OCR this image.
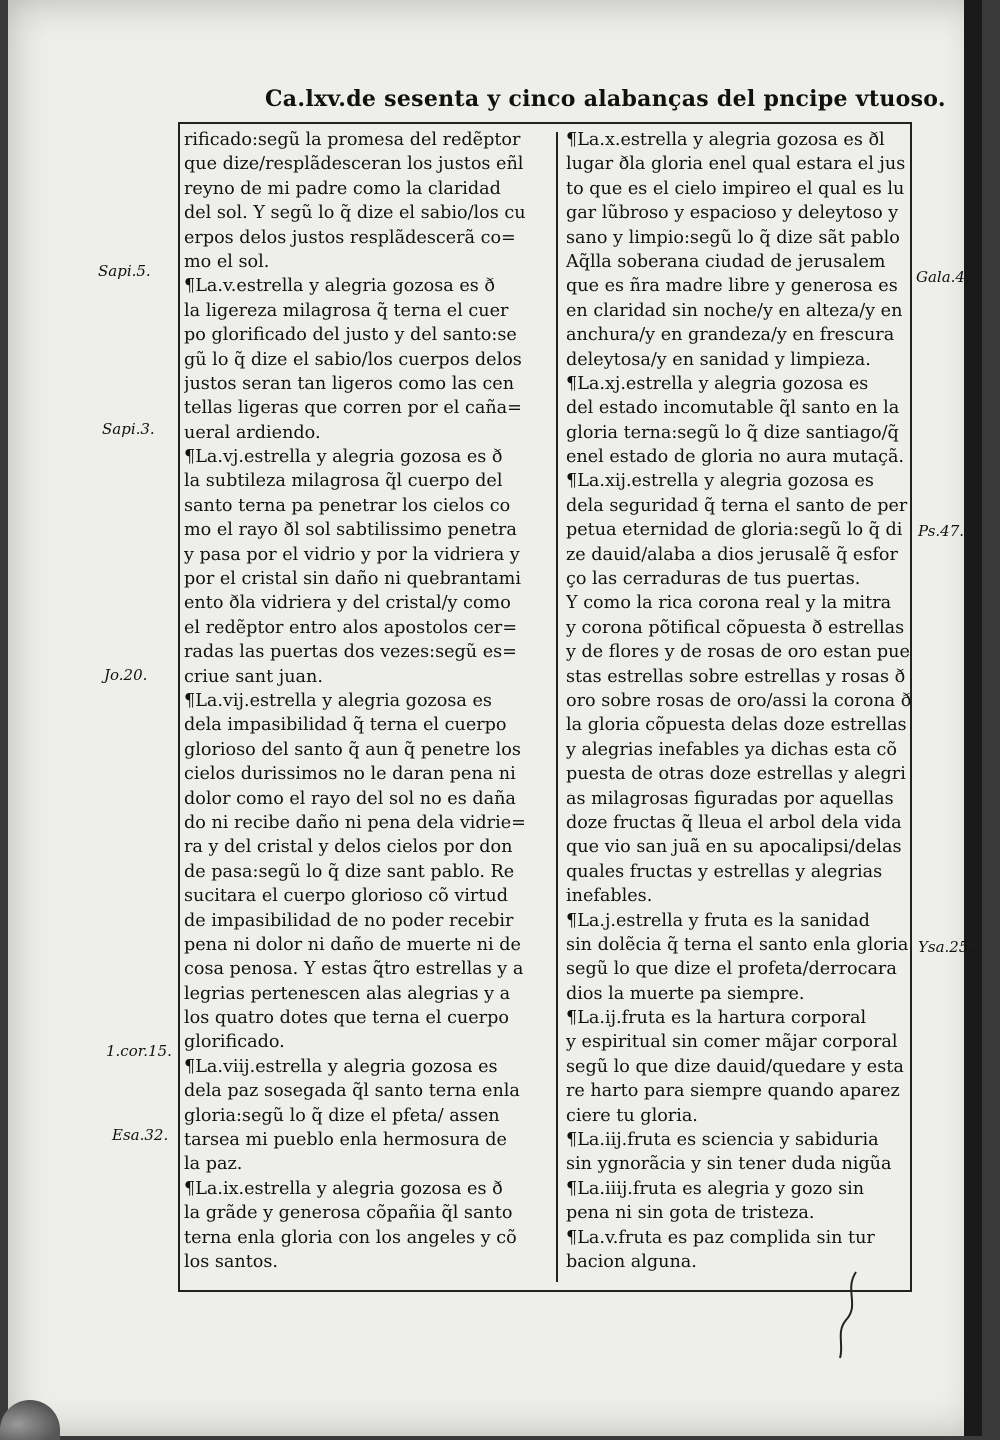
Ca.lxv.de sesenta y cinco alabanças del pncipe vtuoso.
rificado:segũ la promesa del redẽptor
que dize/resplãdesceran los justos eñl
reyno de mi padre como la claridad
del sol. Y segũ lo q̃ dize el sabio/los cu
erpos delos justos resplãdescerã co=
mo el sol.
¶La.v.estrella y alegria gozosa es ð
la ligereza milagrosa q̃ terna el cuer
po glorificado del justo y del santo:se
gũ lo q̃ dize el sabio/los cuerpos delos
justos seran tan ligeros como las cen
tellas ligeras que corren por el caña=
ueral ardiendo.
¶La.vj.estrella y alegria gozosa es ð
la subtileza milagrosa q̃l cuerpo del
santo terna pa penetrar los cielos co
mo el rayo ðl sol sabtilissimo penetra
y pasa por el vidrio y por la vidriera y
por el cristal sin daño ni quebrantami
ento ðla vidriera y del cristal/y como
el redẽptor entro alos apostolos cer=
radas las puertas dos vezes:segũ es=
criue sant juan.
¶La.vij.estrella y alegria gozosa es
dela impasibilidad q̃ terna el cuerpo
glorioso del santo q̃ aun q̃ penetre los
cielos durissimos no le daran pena ni
dolor como el rayo del sol no es daña
do ni recibe daño ni pena dela vidrie=
ra y del cristal y delos cielos por don
de pasa:segũ lo q̃ dize sant pablo. Re
sucitara el cuerpo glorioso cõ virtud
de impasibilidad de no poder recebir
pena ni dolor ni daño de muerte ni de
cosa penosa. Y estas q̃tro estrellas y a
legrias pertenescen alas alegrias y a
los quatro dotes que terna el cuerpo
glorificado.
¶La.viij.estrella y alegria gozosa es
dela paz sosegada q̃l santo terna enla
gloria:segũ lo q̃ dize el pfeta/ assen
tarsea mi pueblo enla hermosura de
la paz.
¶La.ix.estrella y alegria gozosa es ð
la grãde y generosa cõpañia q̃l santo
terna enla gloria con los angeles y cõ
los santos.
¶La.x.estrella y alegria gozosa es ðl
lugar ðla gloria enel qual estara el jus
to que es el cielo impireo el qual es lu
gar lũbroso y espacioso y deleytoso y
sano y limpio:segũ lo q̃ dize sãt pablo
Aq̃lla soberana ciudad de jerusalem
que es ñra madre libre y generosa es
en claridad sin noche/y en alteza/y en
anchura/y en grandeza/y en frescura
deleytosa/y en sanidad y limpieza.
¶La.xj.estrella y alegria gozosa es
del estado incomutable q̃l santo en la
gloria terna:segũ lo q̃ dize santiago/q̃
enel estado de gloria no aura mutaçã.
¶La.xij.estrella y alegria gozosa es
dela seguridad q̃ terna el santo de per
petua eternidad de gloria:segũ lo q̃ di
ze dauid/alaba a dios jerusalẽ q̃ esfor
ço las cerraduras de tus puertas.
Y como la rica corona real y la mitra
y corona põtifical cõpuesta ð estrellas
y de flores y de rosas de oro estan pue
stas estrellas sobre estrellas y rosas ð
oro sobre rosas de oro/assi la corona ð
la gloria cõpuesta delas doze estrellas
y alegrias inefables ya dichas esta cõ
puesta de otras doze estrellas y alegri
as milagrosas figuradas por aquellas
doze fructas q̃ lleua el arbol dela vida
que vio san juã en su apocalipsi/delas
quales fructas y estrellas y alegrias
inefables.
¶La.j.estrella y fruta es la sanidad
sin dolẽcia q̃ terna el santo enla gloria
segũ lo que dize el profeta/derrocara
dios la muerte pa siempre.
¶La.ij.fruta es la hartura corporal
y espiritual sin comer mãjar corporal
segũ lo que dize dauid/quedare y esta
re harto para siempre quando aparez
ciere tu gloria.
¶La.iij.fruta es sciencia y sabiduria
sin ygnorãcia y sin tener duda nigũa
¶La.iiij.fruta es alegria y gozo sin
pena ni sin gota de tristeza.
¶La.v.fruta es paz complida sin tur
bacion alguna.
Sapi.5.
Sapi.3.
Jo.20.
1.cor.15.
Esa.32.
Gala.4.
Ps.47.
Ysa.25.
